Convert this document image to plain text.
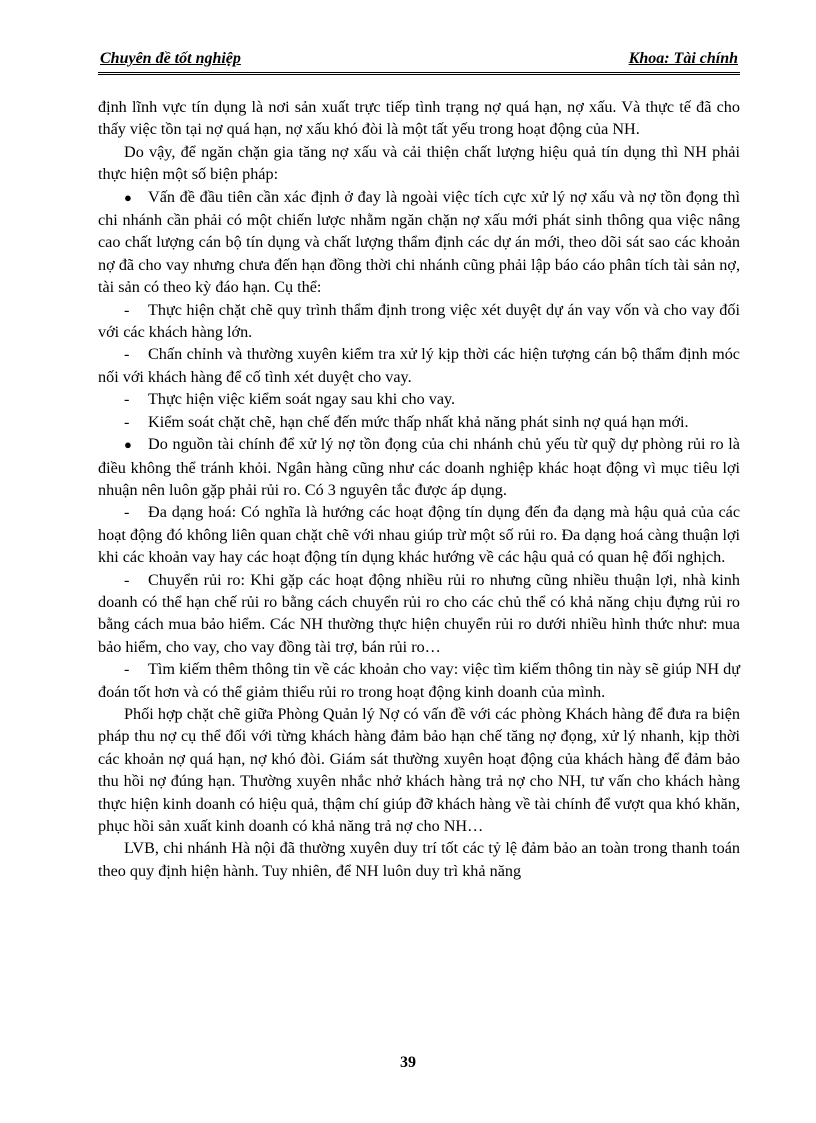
Chuyên đề tốt nghiệp	Khoa: Tài chính

định lĩnh vực tín dụng là nơi sản xuất trực tiếp tình trạng nợ quá hạn, nợ xấu. Và thực tế đã cho thấy việc tồn tại nợ quá hạn, nợ xấu khó đòi là một tất yếu trong hoạt động của NH.

Do vậy, để ngăn chặn gia tăng nợ xấu và cải thiện chất lượng hiệu quả tín dụng thì NH phải thực hiện một số biện pháp:

● Vấn đề đầu tiên cần xác định ở đay là ngoài việc tích cực xử lý nợ xấu và nợ tồn đọng thì chi nhánh cần phải có một chiến lược nhằm ngăn chặn nợ xấu mới phát sinh thông qua việc nâng cao chất lượng cán bộ tín dụng và chất lượng thẩm định các dự án mới, theo dõi sát sao các khoản nợ đã cho vay nhưng chưa đến hạn đồng thời chi nhánh cũng phải lập báo cáo phân tích tài sản nợ, tài sản có theo kỳ đáo hạn. Cụ thể:

- Thực hiện chặt chẽ quy trình thẩm định trong việc xét duyệt dự án vay vốn và cho vay đối với các khách hàng lớn.

- Chấn chỉnh và thường xuyên kiểm tra xử lý kịp thời các hiện tượng cán bộ thẩm định móc nối với khách hàng để cố tình xét duyệt cho vay.

- Thực hiện việc kiểm soát ngay sau khi cho vay.

- Kiểm soát chặt chẽ, hạn chế đến mức thấp nhất khả năng phát sinh nợ quá hạn mới.

● Do nguồn tài chính để xử lý nợ tồn đọng của chi nhánh chủ yếu từ quỹ dự phòng rủi ro là điều không thể tránh khỏi. Ngân hàng cũng như các doanh nghiệp khác hoạt động vì mục tiêu lợi nhuận nên luôn gặp phải rủi ro. Có 3 nguyên tắc được áp dụng.

- Đa dạng hoá: Có nghĩa là hướng các hoạt động tín dụng đến đa dạng mà hậu quả của các hoạt động đó không liên quan chặt chẽ với nhau giúp trừ một số rủi ro. Đa dạng hoá càng thuận lợi khi các khoản vay hay các hoạt động tín dụng khác hướng về các hậu quả có quan hệ đối nghịch.

- Chuyển rủi ro: Khi gặp các hoạt động nhiều rủi ro nhưng cũng nhiều thuận lợi, nhà kinh doanh có thể hạn chế rủi ro bằng cách chuyển rủi ro cho các chủ thể có khả năng chịu đựng rủi ro bằng cách mua bảo hiểm. Các NH thường thực hiện chuyển rủi ro dưới nhiều hình thức như: mua bảo hiểm, cho vay, cho vay đồng tài trợ, bán rủi ro…

- Tìm kiếm thêm thông tin về các khoản cho vay: việc tìm kiếm thông tin này sẽ giúp NH dự đoán tốt hơn và có thể giảm thiểu rủi ro trong hoạt động kinh doanh của mình.

Phối hợp chặt chẽ giữa Phòng Quản lý Nợ có vấn đề với các phòng Khách hàng để đưa ra biện pháp thu nợ cụ thể đối với từng khách hàng đảm bảo hạn chế tăng nợ đọng, xử lý nhanh, kịp thời các khoản nợ quá hạn, nợ khó đòi. Giám sát thường xuyên hoạt động của khách hàng để đảm bảo thu hồi nợ đúng hạn. Thường xuyên nhắc nhở khách hàng trả nợ cho NH, tư vấn cho khách hàng thực hiện kinh doanh có hiệu quả, thậm chí giúp đỡ khách hàng về tài chính để vượt qua khó khăn, phục hồi sản xuất kinh doanh có khả năng trả nợ cho NH…

LVB, chi nhánh Hà nội đã thường xuyên duy trí tốt các tỷ lệ đảm bảo an toàn trong thanh toán theo quy định hiện hành. Tuy nhiên, để NH luôn duy trì khả năng

39
